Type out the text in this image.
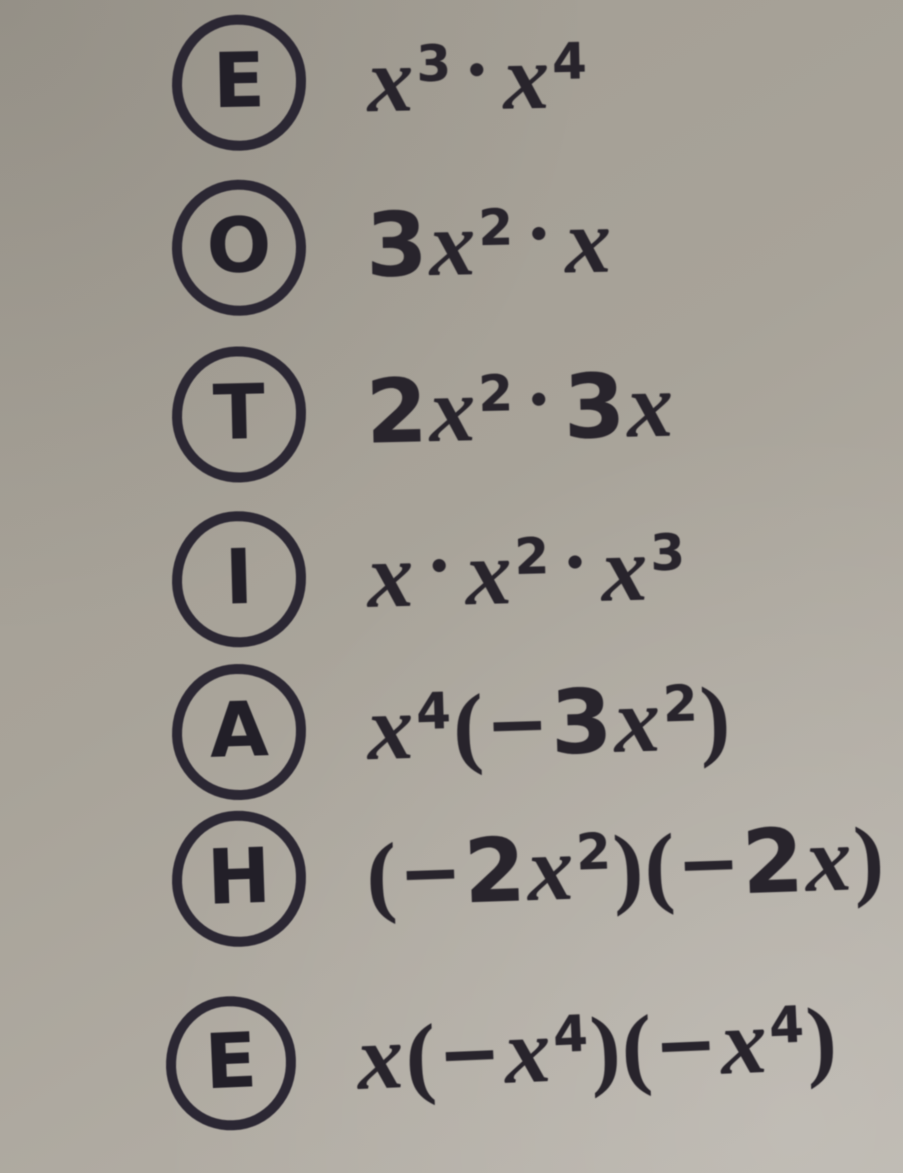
E $x^3$ • $x^4$
O $3x^2$ • x
T $2x^2$ • 3x
I x • $x^2$ • $x^3$
A $x^4(-3x^2)$
H $(-2x^2)(-2x)$
E $x(-x^4)(-x^4)$
